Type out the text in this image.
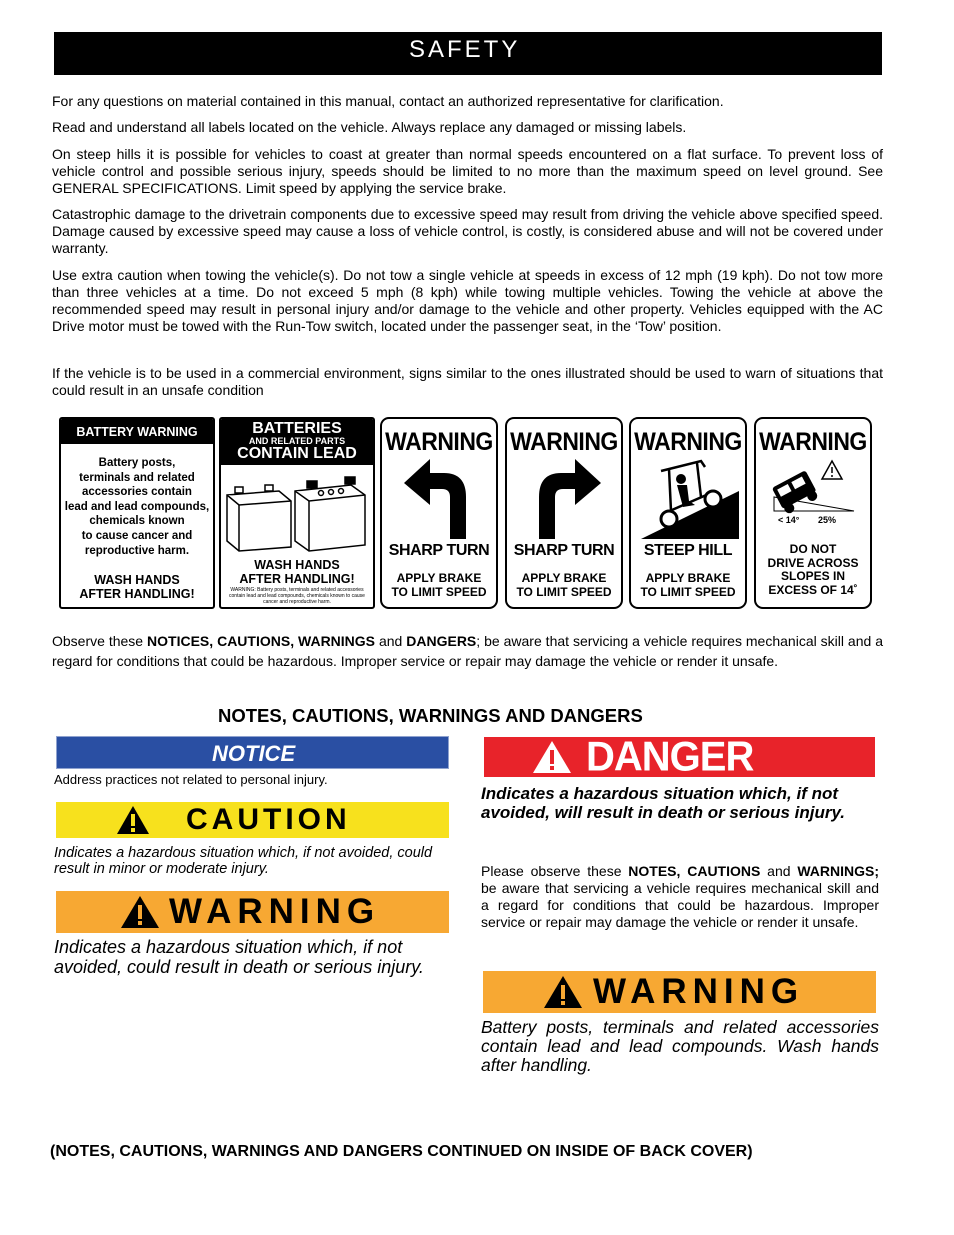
SAFETY

For any questions on material contained in this manual, contact an authorized representative for clarification.

Read and understand all labels located on the vehicle. Always replace any damaged or missing labels.

On steep hills it is possible for vehicles to coast at greater than normal speeds encountered on a flat surface. To prevent loss of vehicle control and possible serious injury, speeds should be limited to no more than the maximum speed on level ground. See GENERAL SPECIFICATIONS. Limit speed by applying the service brake.

Catastrophic damage to the drivetrain components due to excessive speed may result from driving the vehicle above specified speed. Damage caused by excessive speed may cause a loss of vehicle control, is costly, is considered abuse and will not be covered under warranty.

Use extra caution when towing the vehicle(s). Do not tow a single vehicle at speeds in excess of 12 mph (19 kph). Do not tow more than three vehicles at a time. Do not exceed 5 mph (8 kph) while towing multiple vehicles. Towing the vehicle at above the recommended speed may result in personal injury and/or damage to the vehicle and other property. Vehicles equipped with the AC Drive motor must be towed with the Run-Tow switch, located under the passenger seat, in the ‘Tow’ position.

If the vehicle is to be used in a commercial environment, signs similar to the ones illustrated should be used to warn of situations that could result in an unsafe condition

BATTERY WARNING
Battery posts,
terminals and related
accessories contain
lead and lead compounds,
chemicals known
to cause cancer and
reproductive harm.
WASH HANDS
AFTER HANDLING!
BATTERIES
AND RELATED PARTS
CONTAIN LEAD
WASH HANDS
AFTER HANDLING!
WARNING: Battery posts, terminals and related accessories contain lead and lead compounds, chemicals known to cause cancer and reproductive harm.
WARNING
SHARP TURN
APPLY BRAKE
TO LIMIT SPEED
WARNING
SHARP TURN
APPLY BRAKE
TO LIMIT SPEED
WARNING
STEEP HILL
APPLY BRAKE
TO LIMIT SPEED
WARNING
< 14° 25%
DO NOT
DRIVE ACROSS
SLOPES IN
EXCESS OF 14˚

Observe these NOTICES, CAUTIONS, WARNINGS and DANGERS; be aware that servicing a vehicle requires mechanical skill and a regard for conditions that could be hazardous. Improper service or repair may damage the vehicle or render it unsafe.

NOTES, CAUTIONS, WARNINGS AND DANGERS
NOTICE
Address practices not related to personal injury.
CAUTION
Indicates a hazardous situation which, if not avoided, could result in minor or moderate injury.
WARNING
Indicates a hazardous situation which, if not avoided, could result in death or serious injury.
DANGER
Indicates a hazardous situation which, if not avoided, will result in death or serious injury.

Please observe these NOTES, CAUTIONS and WARNINGS; be aware that servicing a vehicle requires mechanical skill and a regard for conditions that could be hazardous. Improper service or repair may damage the vehicle or render it unsafe.

WARNING
Battery posts, terminals and related accessories contain lead and lead compounds. Wash hands after handling.
(NOTES, CAUTIONS, WARNINGS AND DANGERS CONTINUED ON INSIDE OF BACK COVER)
